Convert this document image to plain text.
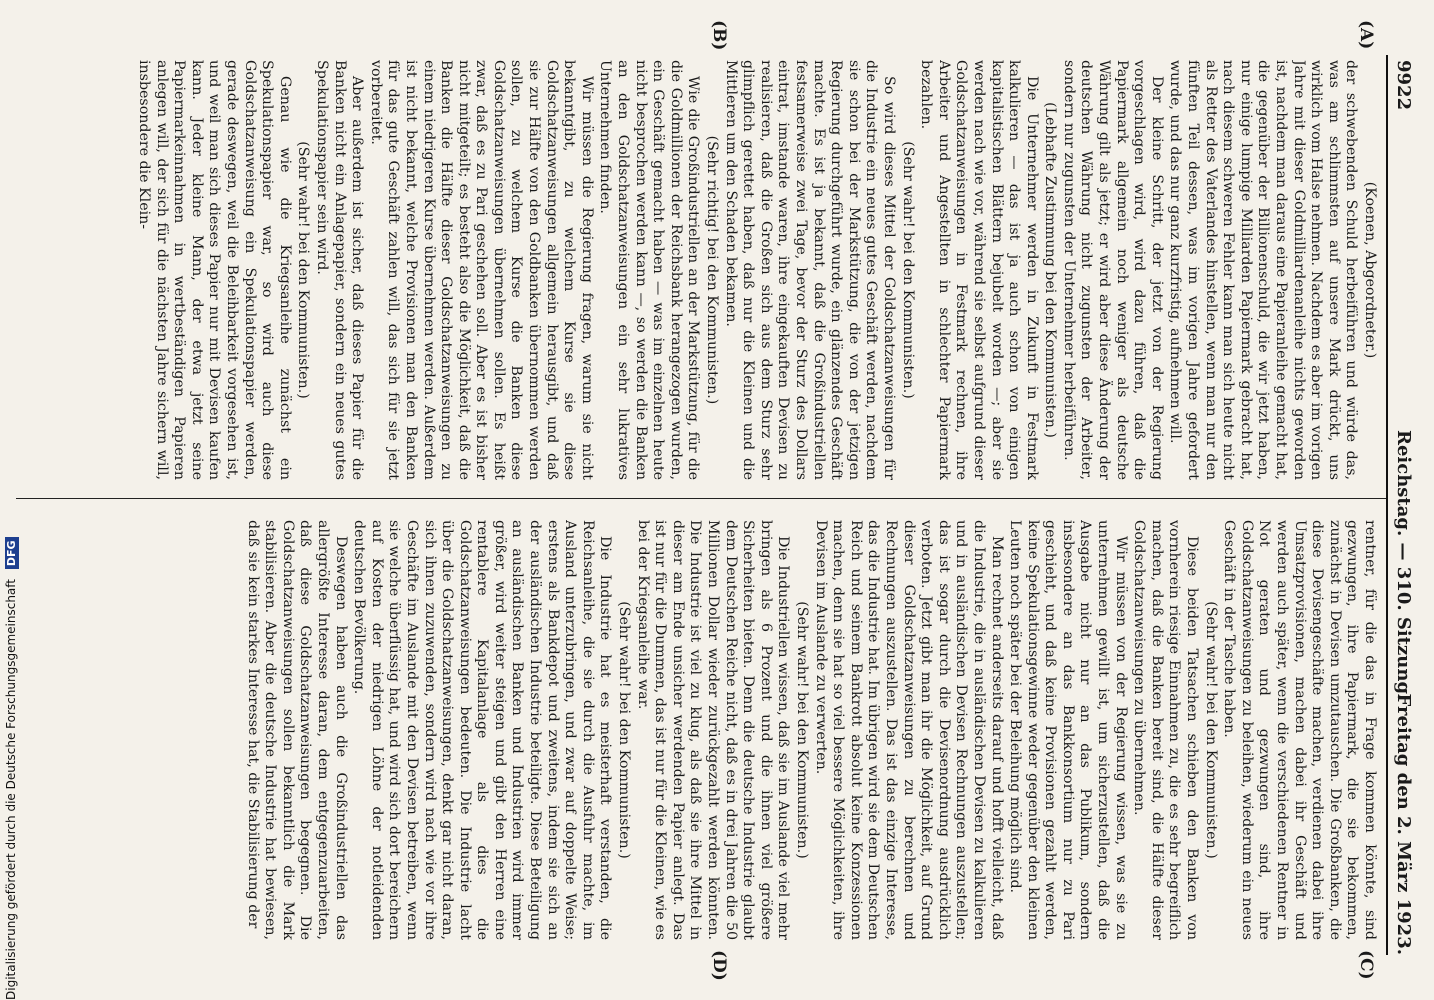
9922
Reichstag. — 310. Sitzung.
Freitag den 2. März 1923.
(A)
(B)
(C)
(D)

(Koenen, Abgeordneter.)

der schwebenden Schuld herbeiführen und würde das, was am schlimmsten auf unsere Mark drückt, uns wirklich vom Halse nehmen. Nachdem es aber im vorigen Jahre mit dieser Goldmilliardenanleihe nichts geworden ist, nachdem man daraus eine Papieranleihe gemacht hat, die gegenüber der Billionenschuld, die wir jetzt haben, nur einige lumpige Milliarden Papiermark gebracht hat, nach diesem schweren Fehler kann man sich heute nicht als Retter des Vaterlandes hinstellen, wenn man nur den fünften Teil dessen, was im vorigen Jahre gefordert wurde, und das nur ganz kurzfristig, aufnehmen will.

Der kleine Schritt, der jetzt von der Regierung vorgeschlagen wird, wird dazu führen, daß die Papiermark allgemein noch weniger als deutsche Währung gilt als jetzt; er wird aber diese Änderung der deutschen Währung nicht zugunsten der Arbeiter, sondern nur zugunsten der Unternehmer herbeiführen.

(Lebhafte Zustimmung bei den Kommunisten.)

Die Unternehmer werden in Zukunft in Festmark kalkulieren — das ist ja auch schon von einigen kapitalistischen Blättern bejubelt worden —; aber sie werden nach wie vor, während sie selbst aufgrund dieser Goldschatzanweisungen in Festmark rechnen, ihre Arbeiter und Angestellten in schlechter Papiermark bezahlen.

(Sehr wahr! bei den Kommunisten.)

So wird dieses Mittel der Goldschatzanweisungen für die Industrie ein neues gutes Geschäft werden, nachdem sie schon bei der Markstützung, die von der jetzigen Regierung durchgeführt wurde, ein glänzendes Geschäft machte. Es ist ja bekannt, daß die Großindustriellen festsamerweise zwei Tage, bevor der Sturz des Dollars eintrat, imstande waren, ihre eingekauften Devisen zu realisieren, daß die Großen sich aus dem Sturz sehr glimpflich gerettet haben, daß nur die Kleinen und die Mittleren um den Schaden bekamen.

(Sehr richtig! bei den Kommunisten.)

Wie die Großindustriellen an der Markstützung, für die die Goldmillionen der Reichsbank herangezogen wurden, ein Geschäft gemacht haben — was im einzelnen heute nicht besprochen werden kann —, so werden die Banken an den Goldschatzanweisungen ein sehr lukratives Unternehmen finden.

Wir müssen die Regierung fragen, warum sie nicht bekanntgibt, zu welchem Kurse sie diese Goldschatzanweisungen allgemein herausgibt, und daß sie zur Hälfte von den Goldbanken übernommen werden sollen, zu welchem Kurse die Banken diese Goldschatzanweisungen übernehmen sollen. Es heißt zwar, daß es zu Pari geschehen soll. Aber es ist bisher nicht mitgeteilt; es besteht also die Möglichkeit, daß die Banken die Hälfte dieser Goldschatzanweisungen zu einem niedrigeren Kurse übernehmen werden. Außerdem ist nicht bekannt, welche Provisionen man den Banken für das gute Geschäft zahlen will, das sich für sie jetzt vorbereitet.

Aber außerdem ist sicher, daß dieses Papier für die Banken nicht ein Anlagepapier, sondern ein neues gutes Spekulationspapier sein wird.

(Sehr wahr! bei den Kommunisten.)

Genau wie die Kriegsanleihe zunächst ein Spekulationspapier war, so wird auch diese Goldschatzanweisung ein Spekulationspapier werden, gerade deswegen, weil die Beleihbarkeit vorgesehen ist, und weil man sich dieses Papier nur mit Devisen kaufen kann. Jeder kleine Mann, der etwa jetzt seine Papiermarkeinnahmen in wertbeständigen Papieren anlegen will, der sich für die nächsten Jahre sichern will, insbesondere die Klein-

rentner, für die das in Frage kommen könnte, sind gezwungen, ihre Papiermark, die sie bekommen, zunächst in Devisen umzutauschen. Die Großbanken, die diese Devisengeschäfte machen, verdienen dabei ihre Umsatzprovisionen, machen dabei ihr Geschäft und werden auch später, wenn die verschiedenen Rentner in Not geraten und gezwungen sind, ihre Goldschatzanweisungen zu beleihen, wiederum ein neues Geschäft in der Tasche haben.

(Sehr wahr! bei den Kommunisten.)

Diese beiden Tatsachen schieben den Banken von vornherein riesige Einnahmen zu, die es sehr begreiflich machen, daß die Banken bereit sind, die Hälfte dieser Goldschatzanweisungen zu übernehmen.

Wir müssen von der Regierung wissen, was sie zu unternehmen gewillt ist, um sicherzustellen, daß die Ausgabe nicht nur an das Publikum, sondern insbesondere an das Bankkonsortium nur zu Pari geschieht, und daß keine Provisionen gezahlt werden, keine Spekulationsgewinne weder gegenüber den kleinen Leuten noch später bei der Beleihung möglich sind.

Man rechnet anderseits darauf und hofft vielleicht, daß die Industrie, die in ausländischen Devisen zu kalkulieren und in ausländischen Devisen Rechnungen auszustellen; das ist sogar durch die Devisenordnung ausdrücklich verboten. Jetzt gibt man ihr die Möglichkeit, auf Grund dieser Goldschatzanweisungen zu berechnen und Rechnungen auszustellen. Das ist das einzige Interesse, das die Industrie hat. Im übrigen wird sie dem Deutschen Reich und seinem Bankrott absolut keine Konzessionen machen, denn sie hat so viel bessere Möglichkeiten, ihre Devisen im Auslande zu verwerten.

(Sehr wahr! bei den Kommunisten.)

Die Industriellen wissen, daß sie im Auslande viel mehr bringen als 6 Prozent und die ihnen viel größere Sicherheiten bieten. Denn die deutsche Industrie glaubt dem Deutschen Reiche nicht, daß es in drei Jahren die 50 Millionen Dollar wieder zurückgezahlt werden könnten. Die Industrie ist viel zu klug, als daß sie ihre Mittel in dieser am Ende unsicher werdenden Papier anlegt. Das ist nur für die Dummen, das ist nur für die Kleinen, wie es bei der Kriegsanleihe war.

(Sehr wahr! bei den Kommunisten.)

Die Industrie hat es meisterhaft verstanden, die Reichsanleihe, die sie durch die Ausfuhr machte, im Ausland unterzubringen, und zwar auf doppelte Weise; erstens als Bankdepot und zweitens, indem sie sich an der ausländischen Industrie beteiligte. Diese Beteiligung an ausländischen Banken und Industrien wird immer größer, wird weiter steigen und gibt den Herren eine rentablere Kapitalanlage als dies die Goldschatzanweisungen bedeuten. Die Industrie lacht über die Goldschatzanweisungen, denkt gar nicht daran, sich ihnen zuzuwenden, sondern wird nach wie vor ihre Geschäfte im Auslande mit den Devisen betreiben, wenn sie welche überflüssig hat, und wird sich dort bereichern auf Kosten der niedrigen Löhne der notleidenden deutschen Bevölkerung.

Deswegen haben auch die Großindustriellen das allergrößte Interesse daran, dem entgegenzuarbeiten, daß diese Goldschatzanweisungen begegnen. Die Goldschatzanweisungen sollen bekanntlich die Mark stabilisieren. Aber die deutsche Industrie hat bewiesen, daß sie kein starkes Interesse hat, die Stabilisierung der

Digitalisierung gefördert durch die Deutsche Forschungsgemeinschaft DFG
